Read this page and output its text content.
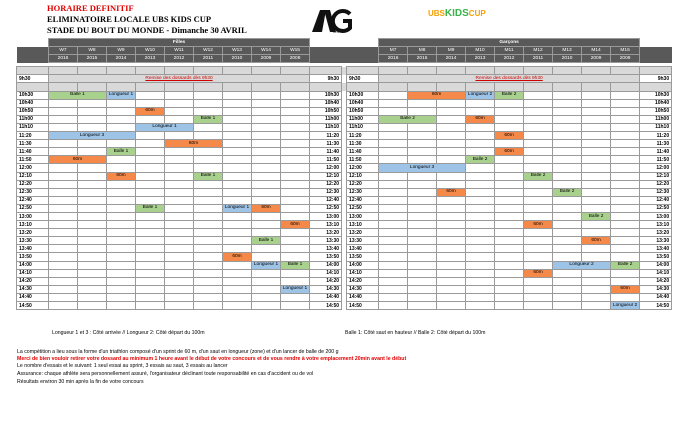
HORAIRE DEFINITIF
ELIMINATOIRE LOCALE UBS KIDS CUP
STADE DU BOUT DU MONDE - Dimanche 30 AVRIL	AVG
UBSKIDSCUP
	Filles												Garçons									
	W7	W8	W9	W10	W11	W12	W13	W14	W15				M7	M8	M9	M10	M11	M12	M13	M14	M15	
	2016	2015	2014	2013	2012	2011	2010	2009	2008				2016	2015	2014	2013	2012	2011	2010	2009	2008	

9h30	Remise des dossards dès 9h30									9h30		9h30	Remise des dossards dès 9h30									9h30

10h30	Balle 1		Longueur 1							10h30		10h30		60m		Longueur 2	Balle 2					10h30
10h40										10h40		10h40										10h40
10h50				60m						10h50		10h50										10h50
11h00						Balle 1				11h00		11h00	Balle 2			60m						11h00
11h10				Longueur 1						11h10		11h10										11h10
11:20	Longueur 3									11:20		11:20					60m					11:20
11:30					60m					11:30		11:30										11:30
11:40			Balle 1							11:40		11:40					60m					11:40
11:50	60m									11:50		11:50				Balle 2						11:50
12:00										12:00		12:00	Longueur 3									12:00
12:10			60m			Balle 1				12:10		12:10						Balle 2				12:10
12:20										12:20		12:20										12:20
12:30										12:30		12:30			60m				Balle 2			12:30
12:40										12:40		12:40										12:40
12:50				Balle 1			Longueur 1	60m		12:50		12:50										12:50
13:00										13:00		13:00								Balle 2		13:00
13:10									60m	13:10		13:10						60m				13:10
13:20										13:20		13:20										13:20
13:30								Balle 1		13:30		13:30								60m		13:30
13:40										13:40		13:40										13:40
13:50							60m			13:50		13:50										13:50
14:00								Longueur 1	Balle 1	14:00		14:00							Longueur 2		Balle 2	14:00
14:10										14:10		14:10						60m				14:10
14:20										14:20		14:20										14:20
14:30									Longueur 1	14:30		14:30									60m	14:30
14:40										14:40		14:40										14:40
14:50										14:50		14:50									Longueur 2	14:50
Longueur 1 et 3 : Côté arrivée // Longueur 2: Côté départ du 100m	Balle 1: Côté saut en hauteur // Balle 2: Côté départ du 100m
La compétition a lieu sous la forme d'un triathlon composé d'un sprint de 60 m, d'un saut en longueur (zone) et d'un lancer de balle de 200 g
Merci de bien vouloir retirer votre dossard au minimum 1 heure avant le début de votre concours et de vous rendre à votre emplacement 20min avant le début
Le nombre d'essais et le suivant: 1 seul essai au sprint, 3 essais au saut, 3 essais au lancer
Assurance: chaque athlète sera personnellement assuré, l'organisateur déclinant toute responsabilité en cas d'accident ou de vol
Résultats environ 30 min après la fin de votre concours
